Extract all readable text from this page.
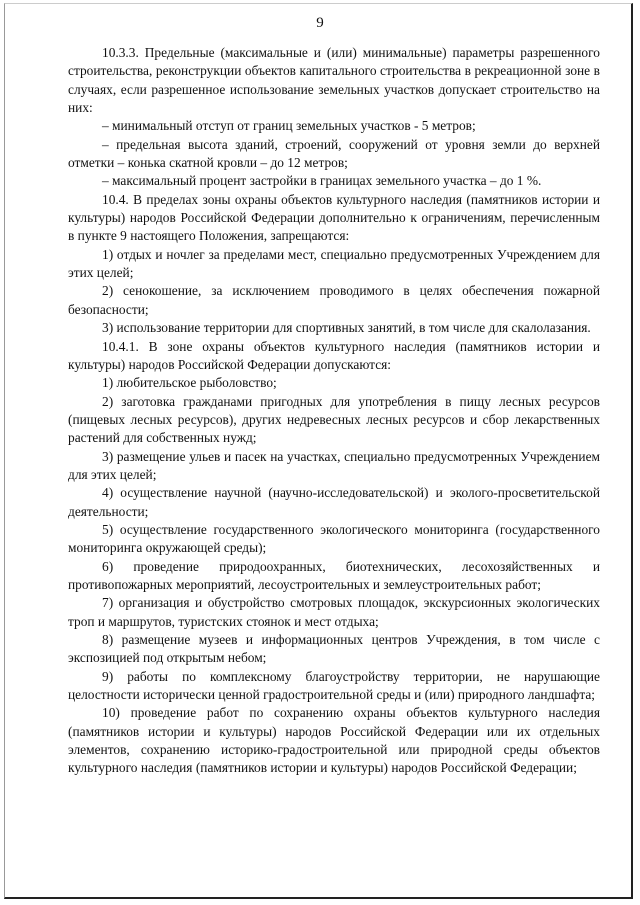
9

10.3.3. Предельные (максимальные и (или) минимальные) параметры разрешенного строительства, реконструкции объектов капитального строительства в рекреационной зоне в случаях, если разрешенное использование земельных участков допускает строительство на них:

– минимальный отступ от границ земельных участков - 5 метров;

– предельная высота зданий, строений, сооружений от уровня земли до верхней отметки – конька скатной кровли – до 12 метров;

– максимальный процент застройки в границах земельного участка – до 1 %.

10.4. В пределах зоны охраны объектов культурного наследия (памятников истории и культуры) народов Российской Федерации дополнительно к ограничениям, перечисленным в пункте 9 настоящего Положения, запрещаются:

1) отдых и ночлег за пределами мест, специально предусмотренных Учреждением для этих целей;

2) сенокошение, за исключением проводимого в целях обеспечения пожарной безопасности;

3) использование территории для спортивных занятий, в том числе для скалолазания.

10.4.1. В зоне охраны объектов культурного наследия (памятников истории и культуры) народов Российской Федерации допускаются:

1) любительское рыболовство;

2) заготовка гражданами пригодных для употребления в пищу лесных ресурсов (пищевых лесных ресурсов), других недревесных лесных ресурсов и сбор лекарственных растений для собственных нужд;

3) размещение ульев и пасек на участках, специально предусмотренных Учреждением для этих целей;

4) осуществление научной (научно-исследовательской) и эколого-просветительской деятельности;

5) осуществление государственного экологического мониторинга (государственного мониторинга окружающей среды);

6) проведение природоохранных, биотехнических, лесохозяйственных и противопожарных мероприятий, лесоустроительных и землеустроительных работ;

7) организация и обустройство смотровых площадок, экскурсионных экологических троп и маршрутов, туристских стоянок и мест отдыха;

8) размещение музеев и информационных центров Учреждения, в том числе с экспозицией под открытым небом;

9) работы по комплексному благоустройству территории, не нарушающие целостности исторически ценной градостроительной среды и (или) природного ландшафта;

10) проведение работ по сохранению охраны объектов культурного наследия (памятников истории и культуры) народов Российской Федерации или их отдельных элементов, сохранению историко-градостроительной или природной среды объектов культурного наследия (памятников истории и культуры) народов Российской Федерации;
